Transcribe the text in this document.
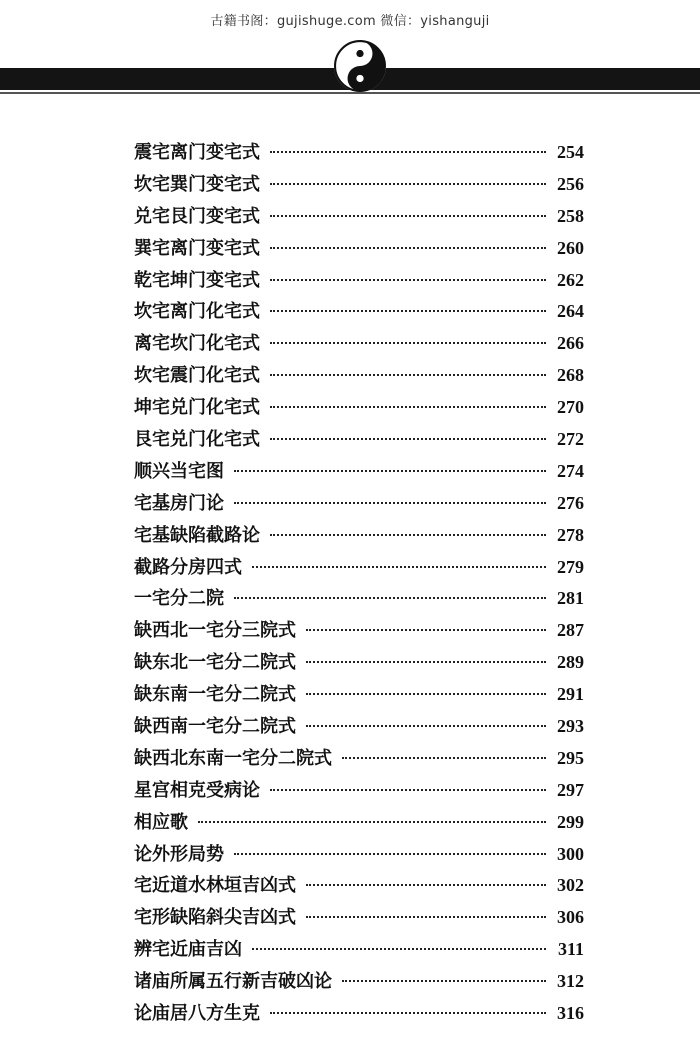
古籍书阁：gujishuge.com 微信：yishanguji
震宅离门变宅式	254
坎宅巽门变宅式	256
兑宅艮门变宅式	258
巽宅离门变宅式	260
乾宅坤门变宅式	262
坎宅离门化宅式	264
离宅坎门化宅式	266
坎宅震门化宅式	268
坤宅兑门化宅式	270
艮宅兑门化宅式	272
顺兴当宅图	274
宅基房门论	276
宅基缺陷截路论	278
截路分房四式	279
一宅分二院	281
缺西北一宅分三院式	287
缺东北一宅分二院式	289
缺东南一宅分二院式	291
缺西南一宅分二院式	293
缺西北东南一宅分二院式	295
星宫相克受病论	297
相应歌	299
论外形局势	300
宅近道水林垣吉凶式	302
宅形缺陷斜尖吉凶式	306
辨宅近庙吉凶	311
诸庙所属五行新吉破凶论	312
论庙居八方生克	316
